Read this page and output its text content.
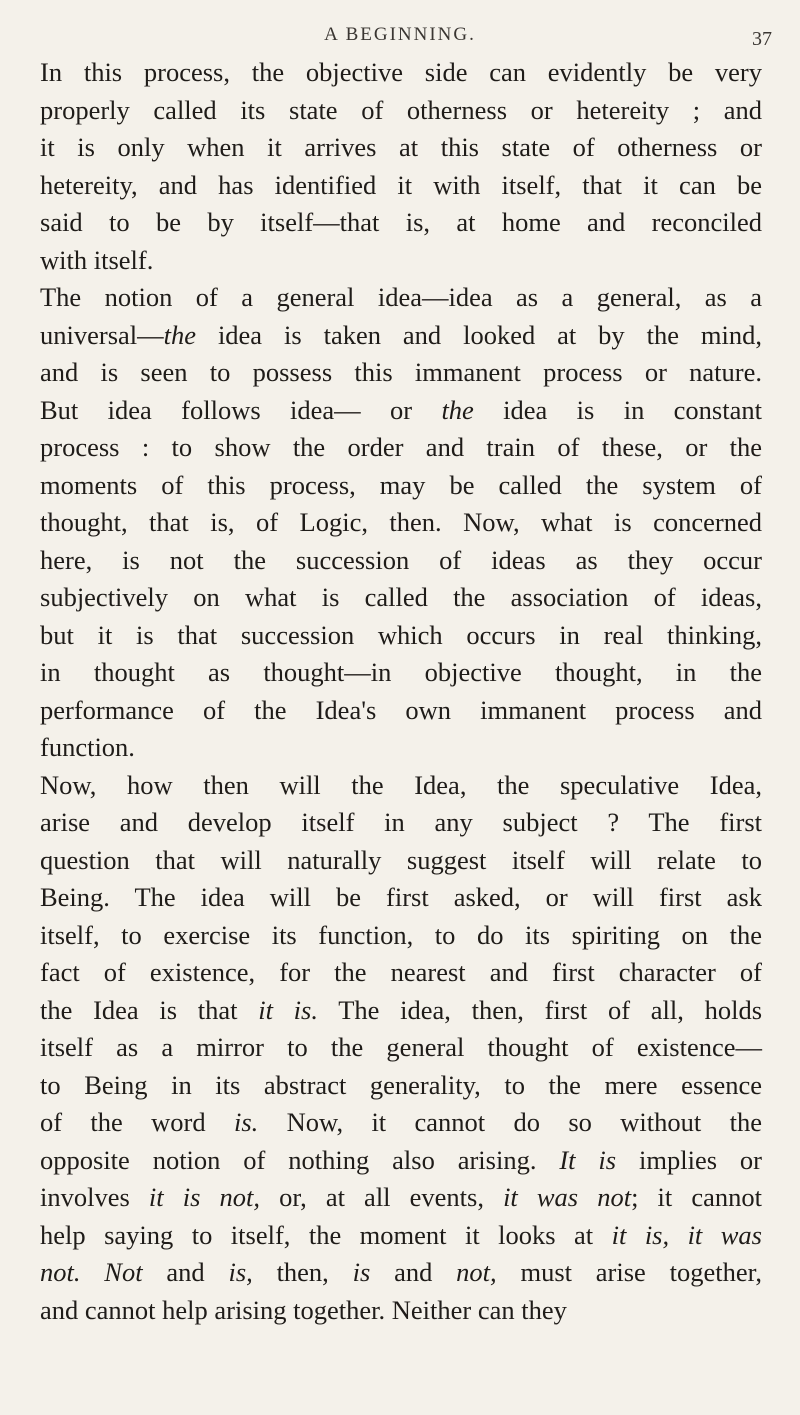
A BEGINNING.	37
In this process, the objective side can evidently be very
properly called its state of otherness or hetereity ; and
it is only when it arrives at this state of otherness or
hetereity, and has identified it with itself, that it can be
said to be by itself—that is, at home and reconciled
with itself.
The notion of a general idea—idea as a general, as a
universal—the idea is taken and looked at by the mind,
and is seen to possess this immanent process or nature.
But idea follows idea— or the idea is in constant
process : to show the order and train of these, or the
moments of this process, may be called the system of
thought, that is, of Logic, then. Now, what is concerned
here, is not the succession of ideas as they occur
subjectively on what is called the association of ideas,
but it is that succession which occurs in real thinking,
in thought as thought—in objective thought, in the
performance of the Idea's own immanent process and
function.
Now, how then will the Idea, the speculative Idea,
arise and develop itself in any subject ? The first
question that will naturally suggest itself will relate to
Being. The idea will be first asked, or will first ask
itself, to exercise its function, to do its spiriting on the
fact of existence, for the nearest and first character of
the Idea is that it is. The idea, then, first of all, holds
itself as a mirror to the general thought of existence—
to Being in its abstract generality, to the mere essence
of the word is. Now, it cannot do so without the
opposite notion of nothing also arising. It is implies or
involves it is not, or, at all events, it was not; it cannot
help saying to itself, the moment it looks at it is, it was
not. Not and is, then, is and not, must arise together,
and cannot help arising together. Neither can they
